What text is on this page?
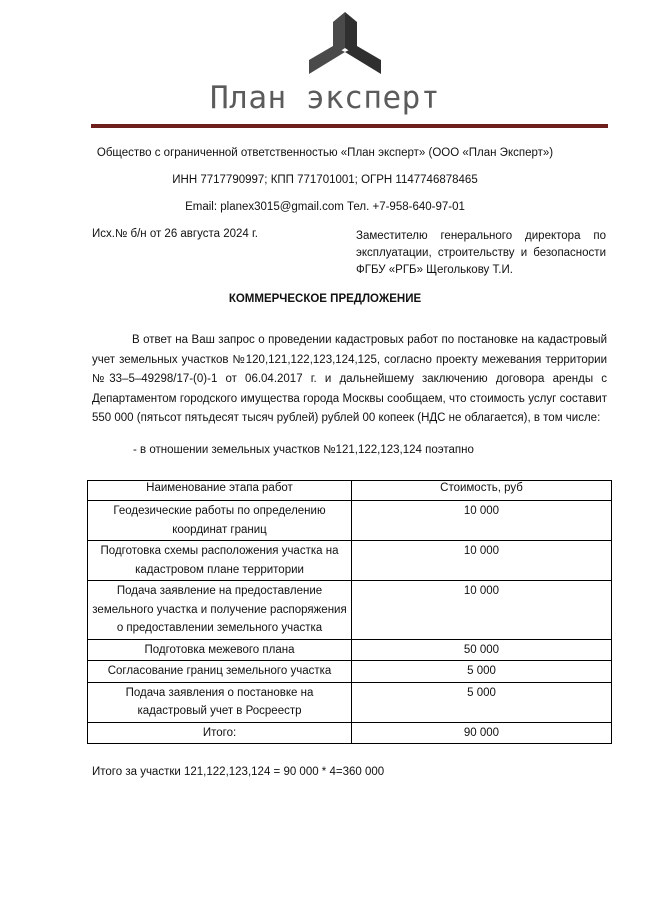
План эксперт
Общество с ограниченной ответственностью «План эксперт» (ООО «План Эксперт»)
ИНН 7717790997; КПП 771701001; ОГРН 1147746878465
Email: planex3015@gmail.com Тел. +7-958-640-97-01
Исх.№ б/н от 26 августа 2024 г.	Заместителю генерального директора по эксплуатации, строительству и безопасности ФГБУ «РГБ» Щеголькову Т.И.
КОММЕРЧЕСКОЕ ПРЕДЛОЖЕНИЕ

В ответ на Ваш запрос о проведении кадастровых работ по постановке на кадастровый учет земельных участков №120,121,122,123,124,125, согласно проекту межевания территории №33–5–49298/17-(0)-1 от 06.04.2017 г. и дальнейшему заключению договора аренды с Департаментом городского имущества города Москвы сообщаем, что стоимость услуг составит 550 000 (пятьсот пятьдесят тысяч рублей) рублей 00 копеек (НДС не облагается), в том числе:

- в отношении земельных участков №121,122,123,124 поэтапно
Наименование этапа работ	Стоимость, руб
Геодезические работы по определению координат границ	10 000
Подготовка схемы расположения участка на кадастровом плане территории	10 000
Подача заявление на предоставление земельного участка и получение распоряжения о предоставлении земельного участка	10 000
Подготовка межевого плана	50 000
Согласование границ земельного участка	5 000
Подача заявления о постановке на кадастровый учет в Росреестр	5 000
Итого:	90 000
Итого за участки 121,122,123,124 = 90 000 * 4=360 000
